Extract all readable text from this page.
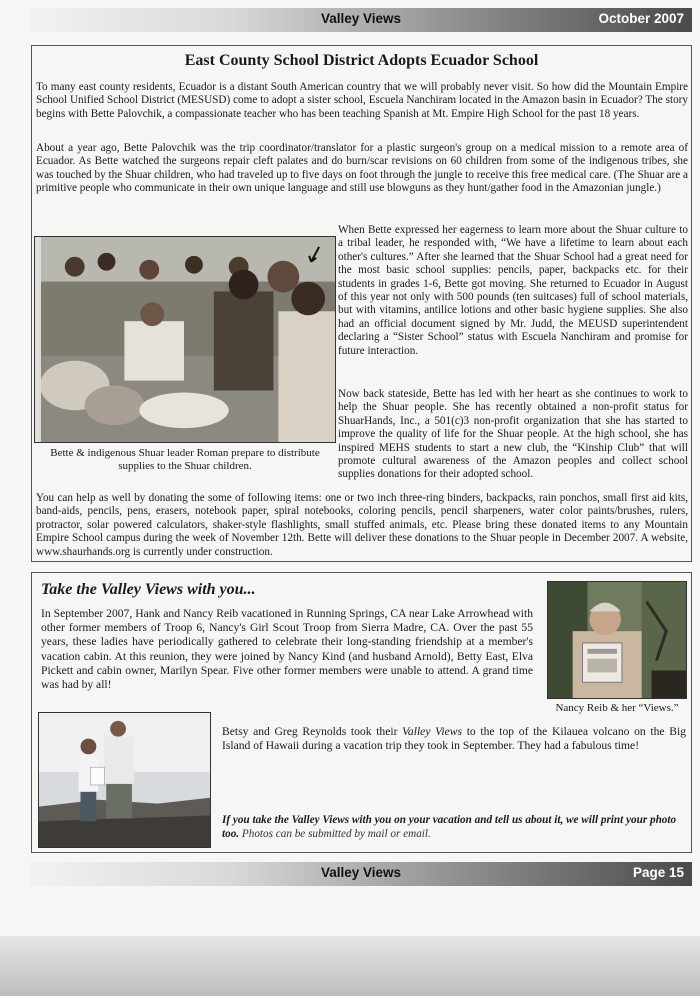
Valley Views	October 2007
East County School District Adopts Ecuador School

To many east county residents, Ecuador is a distant South American country that we will probably never visit. So how did the Mountain Empire School Unified School District (MESUSD) come to adopt a sister school, Escuela Nanchiram located in the Amazon basin in Ecuador? The story begins with Bette Palovchik, a compassionate teacher who has been teaching Spanish at Mt. Empire High School for the past 18 years.

About a year ago, Bette Palovchik was the trip coordinator/translator for a plastic surgeon's group on a medical mission to a remote area of Ecuador. As Bette watched the surgeons repair cleft palates and do burn/scar revisions on 60 children from some of the indigenous tribes, she was touched by the Shuar children, who had traveled up to five days on foot through the jungle to receive this free medical care. (The Shuar are a primitive people who communicate in their own unique language and still use blowguns as they hunt/gather food in the Amazonian jungle.)

Bette & indigenous Shuar leader Roman prepare to distribute supplies to the Shuar children.

When Bette expressed her eagerness to learn more about the Shuar culture to a tribal leader, he responded with, “We have a lifetime to learn about each other's cultures.” After she learned that the Shuar School had a great need for the most basic school supplies: pencils, paper, backpacks etc. for their students in grades 1-6, Bette got moving. She returned to Ecuador in August of this year not only with 500 pounds (ten suitcases) full of school materials, but with vitamins, antilice lotions and other basic hygiene supplies. She also had an official document signed by Mr. Judd, the MEUSD superintendent declaring a “Sister School” status with Escuela Nanchiram and promise for future interaction.

Now back stateside, Bette has led with her heart as she continues to work to help the Shuar people. She has recently obtained a non-profit status for ShuarHands, Inc., a 501(c)3 non-profit organization that she has started to improve the quality of life for the Shuar people. At the high school, she has inspired MEHS students to start a new club, the “Kinship Club” that will promote cultural awareness of the Amazon peoples and collect school supplies donations for their adopted school.

You can help as well by donating the some of following items: one or two inch three-ring binders, backpacks, rain ponchos, small first aid kits, band-aids, pencils, pens, erasers, notebook paper, spiral notebooks, coloring pencils, pencil sharpeners, water color paints/brushes, rulers, protractor, solar powered calculators, shaker-style flashlights, small stuffed animals, etc. Please bring these donated items to any Mountain Empire School campus during the week of November 12th. Bette will deliver these donations to the Shuar people in December 2007. A website, www.shaurhands.org is currently under construction.

Take the Valley Views with you...

In September 2007, Hank and Nancy Reib vacationed in Running Springs, CA near Lake Arrowhead with other former members of Troop 6, Nancy's Girl Scout Troop from Sierra Madre, CA. Over the past 55 years, these ladies have periodically gathered to celebrate their long-standing friendship at a member's vacation cabin. At this reunion, they were joined by Nancy Kind (and husband Arnold), Betty East, Elva Pickett and cabin owner, Marilyn Spear. Five other former members were unable to attend. A grand time was had by all!

Nancy Reib & her “Views.”

Betsy and Greg Reynolds took their Valley Views to the top of the Kilauea volcano on the Big Island of Hawaii during a vacation trip they took in September. They had a fabulous time!

If you take the Valley Views with you on your vacation and tell us about it, we will print your photo too. Photos can be submitted by mail or email.
Valley Views	Page 15
